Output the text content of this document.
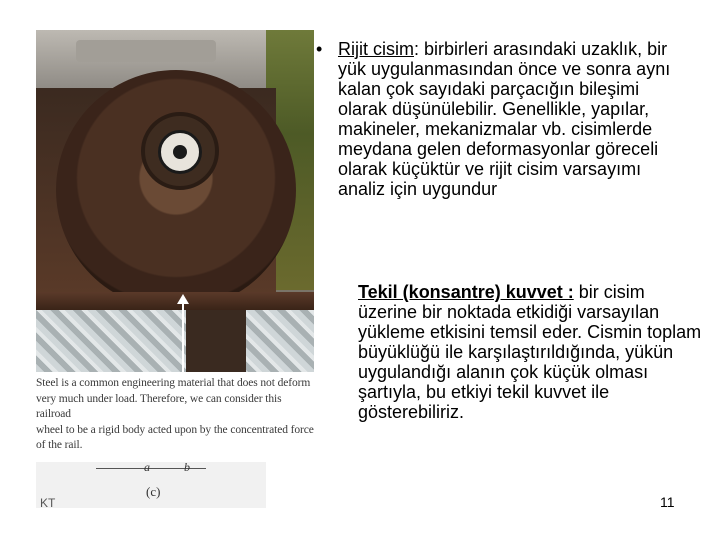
Steel is a common engineering material that does not deform
very much under load. Therefore, we can consider this railroad
wheel to be a rigid body acted upon by the concentrated force
of the rail.
a	b
(c)
KT
• Rijit cisim: birbirleri arasındaki uzaklık, bir yük uygulanmasından önce ve sonra aynı kalan çok sayıdaki parçacığın bileşimi olarak düşünülebilir. Genellikle, yapılar, makineler, mekanizmalar vb. cisimlerde meydana gelen deformasyonlar göreceli olarak küçüktür ve rijit cisim varsayımı analiz için uygundur
Tekil (konsantre) kuvvet : bir cisim üzerine bir noktada etkidiği varsayılan yükleme etkisini temsil eder. Cismin toplam büyüklüğü ile karşılaştırıldığında, yükün uygulandığı alanın çok küçük olması şartıyla, bu etkiyi tekil kuvvet ile gösterebiliriz.
11
